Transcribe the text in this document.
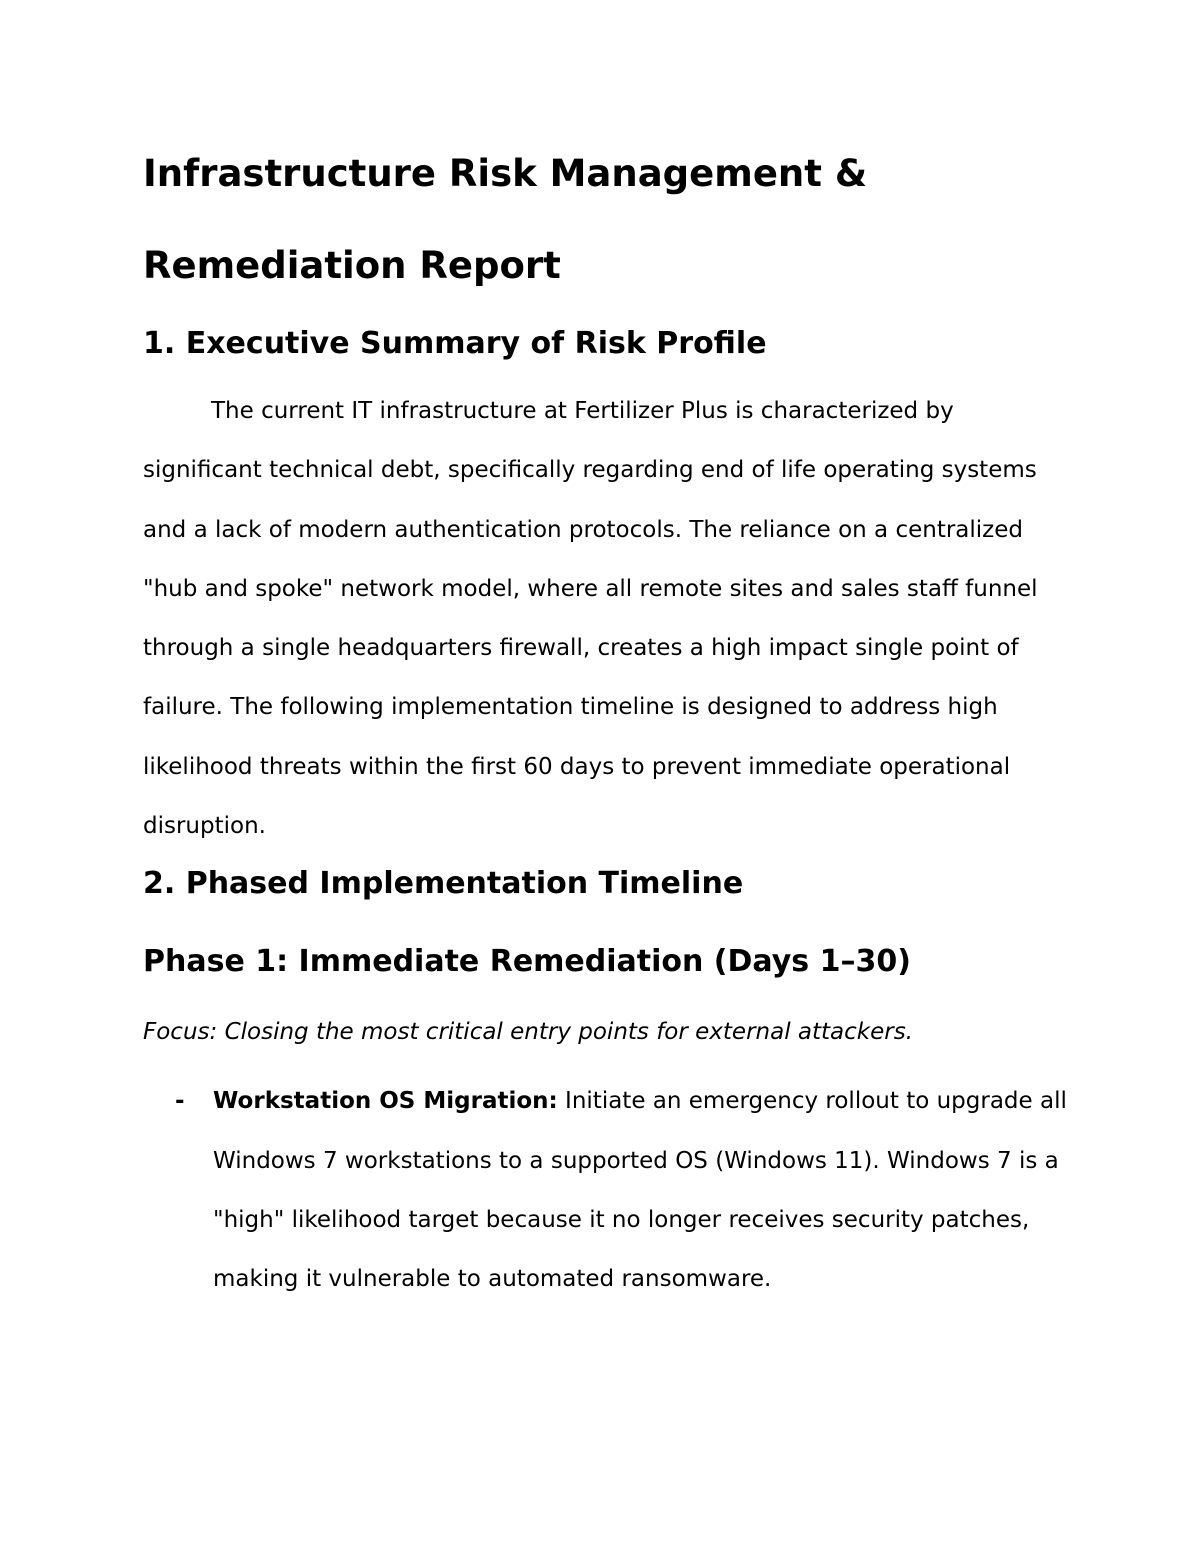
Infrastructure Risk Management &
Remediation Report
1. Executive Summary of Risk Profile

The current IT infrastructure at Fertilizer Plus is characterized by significant technical debt, specifically regarding end of life operating systems and a lack of modern authentication protocols. The reliance on a centralized "hub and spoke" network model, where all remote sites and sales staff funnel through a single headquarters firewall, creates a high impact single point of failure. The following implementation timeline is designed to address high likelihood threats within the first 60 days to prevent immediate operational disruption.

2. Phased Implementation Timeline
Phase 1: Immediate Remediation (Days 1–30)

Focus: Closing the most critical entry points for external attackers.

- Workstation OS Migration: Initiate an emergency rollout to upgrade all Windows 7 workstations to a supported OS (Windows 11). Windows 7 is a "high" likelihood target because it no longer receives security patches, making it vulnerable to automated ransomware.
